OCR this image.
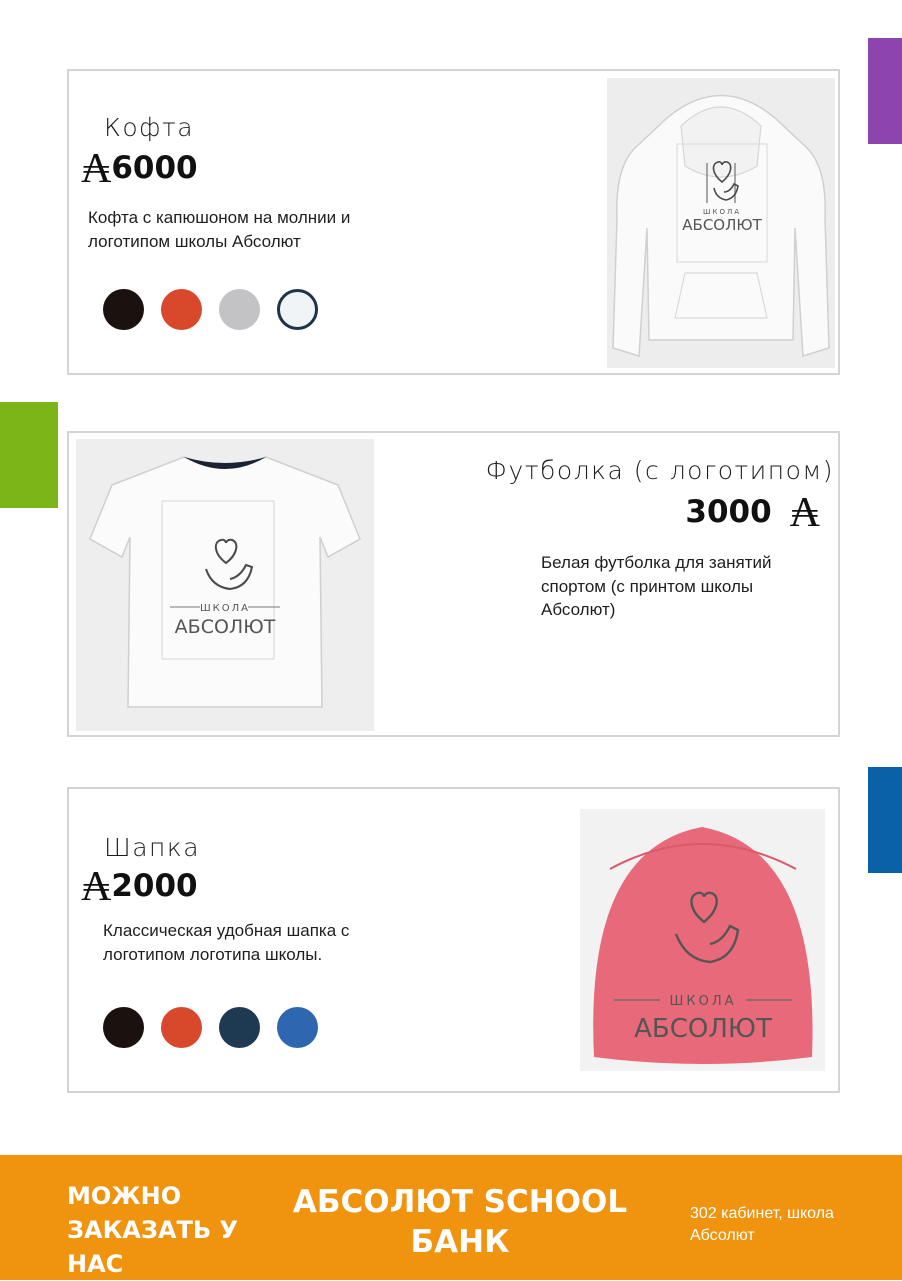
Кофта
₳ 6000
Кофта с капюшоном на молнии и логотипом школы Абсолют
ШКОЛА
АБСОЛЮТ
ШКОЛА
АБСОЛЮТ
Футболка (с логотипом)
3000 ₳
Белая футболка для занятий спортом (с принтом школы Абсолют)
Шапка
₳ 2000
Классическая удобная шапка с логотипом логотипа школы.
ШКОЛА
АБСОЛЮТ
МОЖНО
ЗАКАЗАТЬ У
НАС
АБСОЛЮТ SCHOOL
БАНК
302 кабинет, школа Абсолют
